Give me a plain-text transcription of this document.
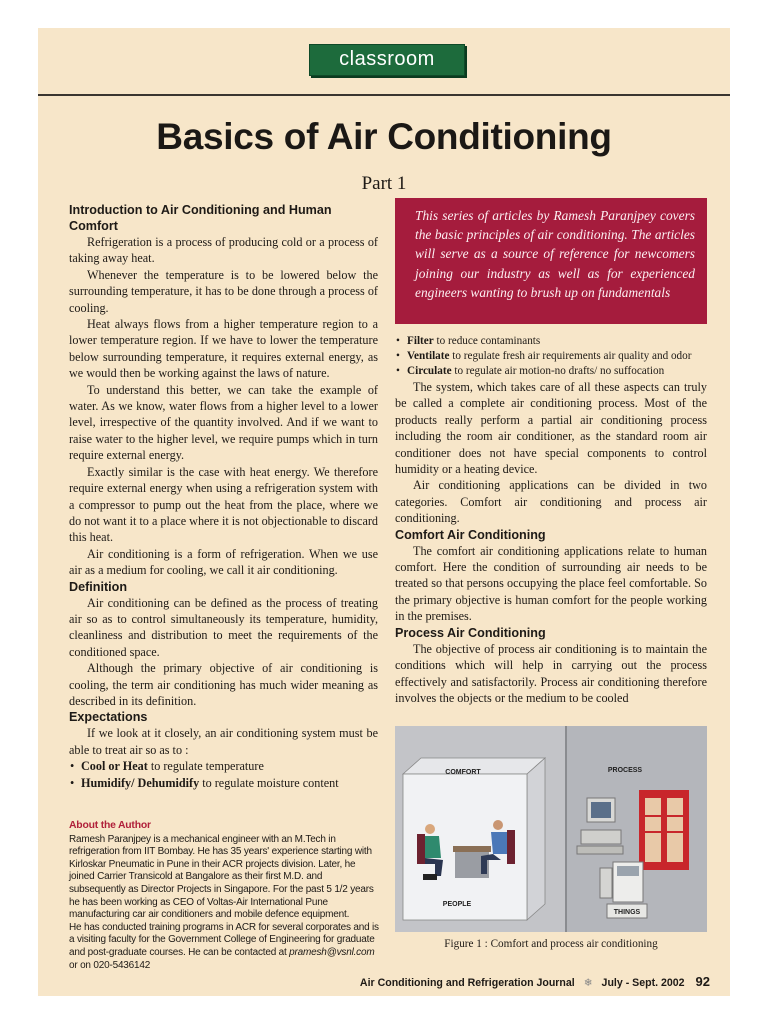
classroom
Basics of Air Conditioning
Part 1
Introduction to Air Conditioning and Human Comfort

Refrigeration is a process of producing cold or a process of taking away heat.

Whenever the temperature is to be lowered below the surrounding temperature, it has to be done through a process of cooling.

Heat always flows from a higher temperature region to a lower temperature region. If we have to lower the temperature below surrounding temperature, it requires external energy, as we would then be working against the laws of nature.

To understand this better, we can take the example of water. As we know, water flows from a higher level to a lower level, irrespective of the quantity involved. And if we want to raise water to the higher level, we require pumps which in turn require external energy.

Exactly similar is the case with heat energy. We therefore require external energy when using a refrigeration system with a compressor to pump out the heat from the place, where we do not want it to a place where it is not objectionable to discard this heat.

Air conditioning is a form of refrigeration. When we use air as a medium for cooling, we call it air conditioning.

Definition

Air conditioning can be defined as the process of treating air so as to control simultaneously its temperature, humidity, cleanliness and distribution to meet the requirements of the conditioned space.

Although the primary objective of air conditioning is cooling, the term air conditioning has much wider meaning as described in its definition.

Expectations

If we look at it closely, an air conditioning system must be able to treat air so as to :

• Cool or Heat to regulate temperature
• Humidify/ Dehumidify to regulate moisture content
This series of articles by Ramesh Paranjpey covers the basic principles of air conditioning. The articles will serve as a source of reference for newcomers joining our industry as well as for experienced engineers wanting to brush up on fundamentals
• Filter to reduce contaminants
• Ventilate to regulate fresh air requirements air quality and odor
• Circulate to regulate air motion-no drafts/ no suffocation

The system, which takes care of all these aspects can truly be called a complete air conditioning process. Most of the products really perform a partial air conditioning process including the room air conditioner, as the standard room air conditioner does not have special components to control humidity or a heating device.

Air conditioning applications can be divided in two categories. Comfort air conditioning and process air conditioning.

Comfort Air Conditioning

The comfort air conditioning applications relate to human comfort. Here the condition of surrounding air needs to be treated so that persons occupying the place feel comfortable. So the primary objective is human comfort for the people working in the premises.

Process Air Conditioning

The objective of process air conditioning is to maintain the conditions which will help in carrying out the process effectively and satisfactorily. Process air conditioning therefore involves the objects or the medium to be cooled

About the Author

Ramesh Paranjpey is a mechanical engineer with an M.Tech in refrigeration from IIT Bombay. He has 35 years' experience starting with Kirloskar Pneumatic in Pune in their ACR projects division. Later, he joined Carrier Transicold at Bangalore as their first M.D. and subsequently as Director Projects in Singapore. For the past 5 1/2 years he has been working as CEO of Voltas-Air International Pune manufacturing car air conditioners and mobile defence equipment.

He has conducted training programs in ACR for several corporates and is a visiting faculty for the Government College of Engineering for graduate and post-graduate courses. He can be contacted at pramesh@vsnl.com or on 020-5436142

COMFORT
PEOPLE
PROCESS
THINGS
Figure 1 : Comfort and process air conditioning
Air Conditioning and Refrigeration Journal ❄ July - Sept. 2002 92
